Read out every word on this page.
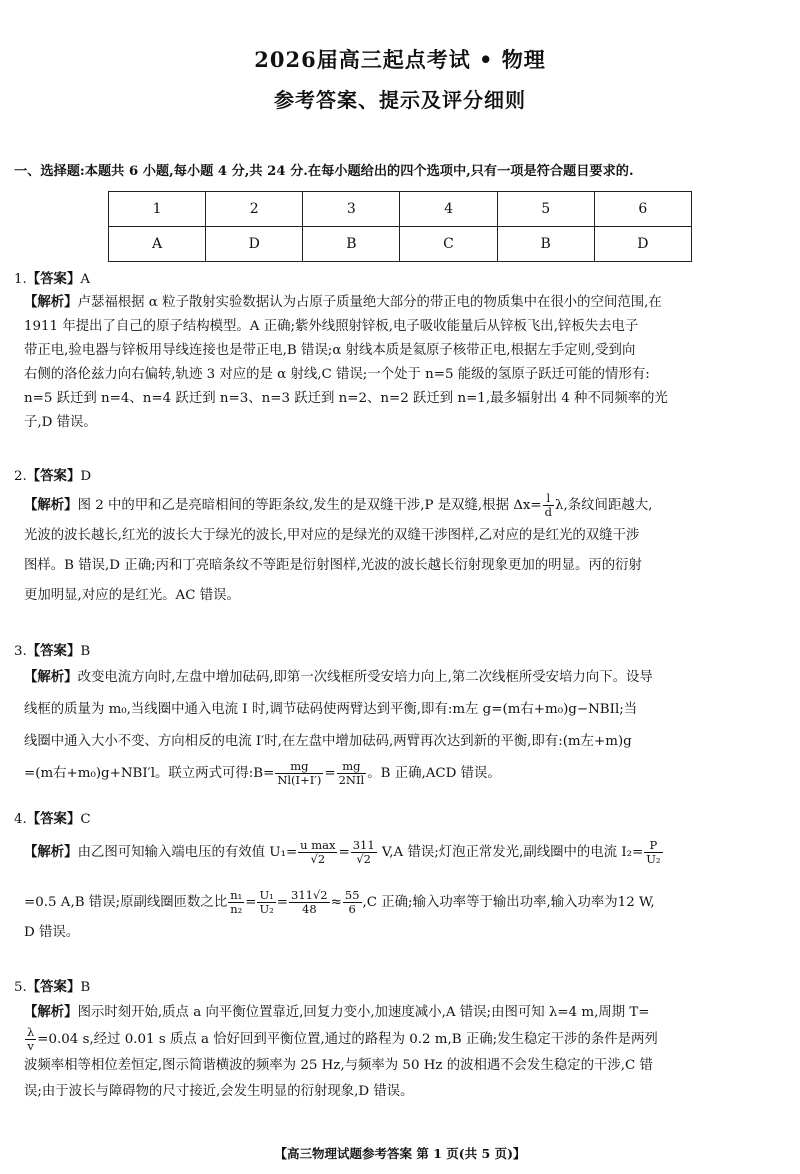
2026届高三起点考试 • 物理
参考答案、提示及评分细则
一、选择题:本题共 6 小题,每小题 4 分,共 24 分.在每小题给出的四个选项中,只有一项是符合题目要求的.
1	2	3	4	5	6
A	D	B	C	B	D
1.【答案】A
【解析】卢瑟福根据 α 粒子散射实验数据认为占原子质量绝大部分的带正电的物质集中在很小的空间范围,在
1911 年提出了自己的原子结构模型。A 正确;紫外线照射锌板,电子吸收能量后从锌板飞出,锌板失去电子
带正电,验电器与锌板用导线连接也是带正电,B 错误;α 射线本质是氦原子核带正电,根据左手定则,受到向
右侧的洛伦兹力向右偏转,轨迹 3 对应的是 α 射线,C 错误;一个处于 n=5 能级的氢原子跃迁可能的情形有:
n=5 跃迁到 n=4、n=4 跃迁到 n=3、n=3 跃迁到 n=2、n=2 跃迁到 n=1,最多辐射出 4 种不同频率的光
子,D 错误。
2.【答案】D
【解析】图 2 中的甲和乙是亮暗相间的等距条纹,发生的是双缝干涉,P 是双缝,根据 $\Delta x= \frac{l}{d} \lambda$,条纹间距越大,
光波的波长越长,红光的波长大于绿光的波长,甲对应的是绿光的双缝干涉图样,乙对应的是红光的双缝干涉
图样。B 错误,D 正确;丙和丁亮暗条纹不等距是衍射图样,光波的波长越长衍射现象更加的明显。丙的衍射
更加明显,对应的是红光。AC 错误。
3.【答案】B
【解析】改变电流方向时,左盘中增加砝码,即第一次线框所受安培力向上,第二次线框所受安培力向下。设导
线框的质量为 m₀,当线圈中通入电流 I 时,调节砝码使两臂达到平衡,即有:m左 g=(m右+m₀)g−NBIl;当
线圈中通入大小不变、方向相反的电流 I′时,在左盘中增加砝码,两臂再次达到新的平衡,即有:(m左+m)g
=(m右+m₀)g+NBI′l。联立两式可得:B= $\frac{mg}{Nl(I+I')} = \frac{mg}{\text{2NIl}}$ 。B 正确,ACD 错误。
4.【答案】C
【解析】由乙图可知输入端电压的有效值 $U_1= \frac{\text{u max}}{√2} = \frac{311}{√2} V,A$ 错误;灯泡正常发光,副线圈中的电流 $I_2= \frac{P}{\text{U₂}}$
=0.5 A,B 错误;原副线圈匝数之比 $\frac{\text{n₁}}{\text{n₂}} = \frac{\text{U₁}}{\text{U₂}} = \frac{311√2}{48} \approx \frac{55}{6} ,C$ 正确;输入功率等于输出功率,输入功率为12 W,
D 错误。
5.【答案】B
【解析】图示时刻开始,质点 a 向平衡位置靠近,回复力变小,加速度减小,A 错误;由图可知 λ=4 m,周期 T=
$\frac{\lambda}{v} =0.04$ s,经过 0.01 s 质点 a 恰好回到平衡位置,通过的路程为 0.2 m,B 正确;发生稳定干涉的条件是两列
波频率相等相位差恒定,图示简谐横波的频率为 25 Hz,与频率为 50 Hz 的波相遇不会发生稳定的干涉,C 错
误;由于波长与障碍物的尺寸接近,会发生明显的衍射现象,D 错误。
【高三物理试题参考答案 第 1 页(共 5 页)】
